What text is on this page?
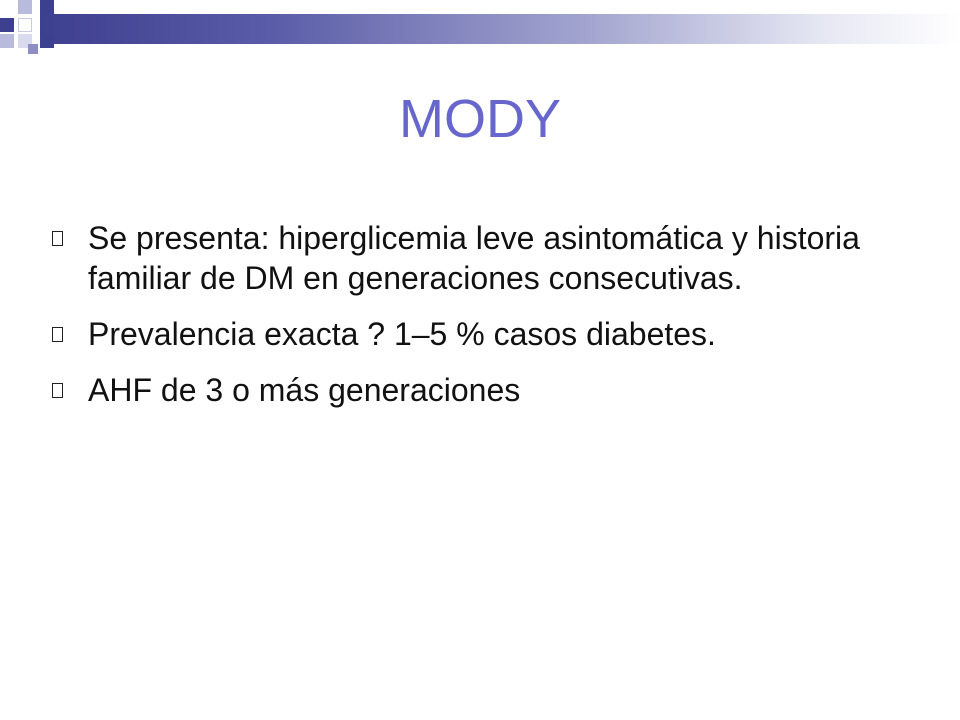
MODY
Se presenta: hiperglicemia leve asintomática y historia familiar de DM en generaciones consecutivas.
Prevalencia exacta ? 1–5 % casos diabetes.
AHF de 3 o más generaciones
